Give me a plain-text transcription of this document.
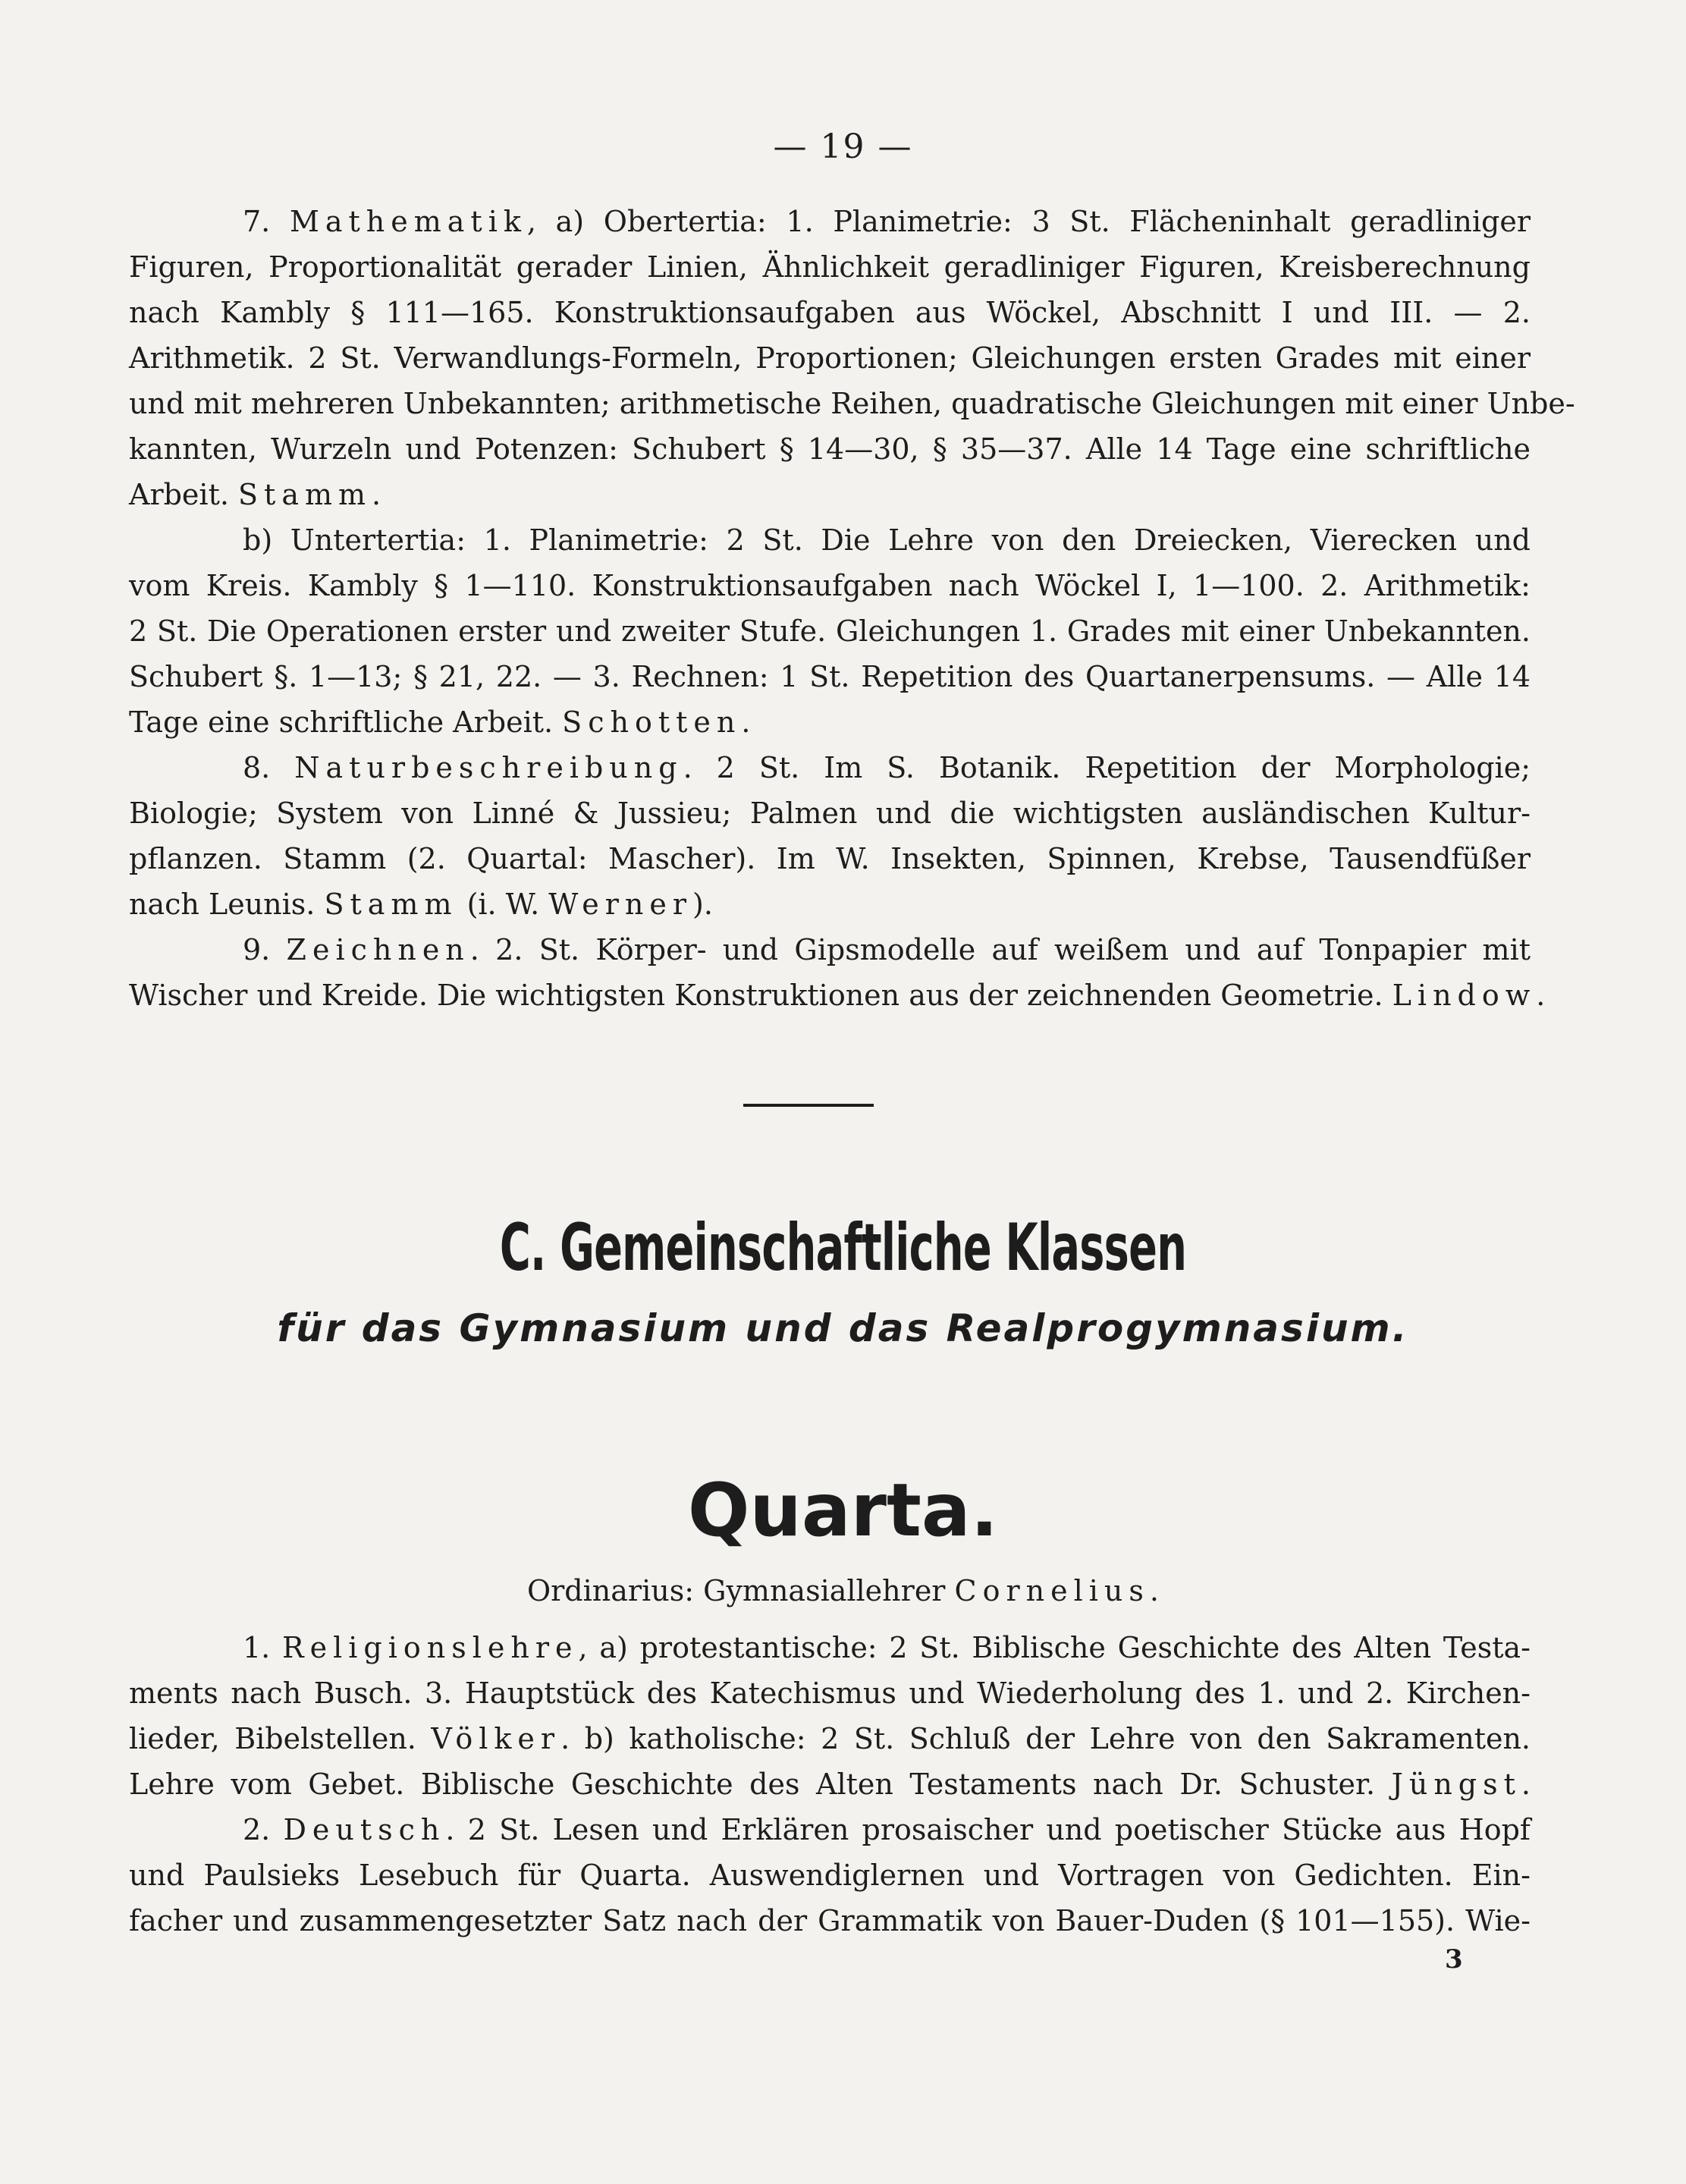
— 19 —
7. Mathematik, a) Obertertia: 1. Planimetrie: 3 St. Flächeninhalt geradliniger
Figuren, Proportionalität gerader Linien, Ähnlichkeit geradliniger Figuren, Kreisberechnung
nach Kambly § 111—165. Konstruktionsaufgaben aus Wöckel, Abschnitt I und III. — 2.
Arithmetik. 2 St. Verwandlungs-Formeln, Proportionen; Gleichungen ersten Grades mit einer
und mit mehreren Unbekannten; arithmetische Reihen, quadratische Gleichungen mit einer Unbe-
kannten, Wurzeln und Potenzen: Schubert § 14—30, § 35—37. Alle 14 Tage eine schriftliche
Arbeit. Stamm.
b) Untertertia: 1. Planimetrie: 2 St. Die Lehre von den Dreiecken, Vierecken und
vom Kreis. Kambly § 1—110. Konstruktionsaufgaben nach Wöckel I, 1—100. 2. Arithmetik:
2 St. Die Operationen erster und zweiter Stufe. Gleichungen 1. Grades mit einer Unbekannten.
Schubert §. 1—13; § 21, 22. — 3. Rechnen: 1 St. Repetition des Quartanerpensums. — Alle 14
Tage eine schriftliche Arbeit. Schotten.
8. Naturbeschreibung. 2 St. Im S. Botanik. Repetition der Morphologie;
Biologie; System von Linné & Jussieu; Palmen und die wichtigsten ausländischen Kultur-
pflanzen. Stamm (2. Quartal: Mascher). Im W. Insekten, Spinnen, Krebse, Tausendfüßer
nach Leunis. Stamm (i. W. Werner).
9. Zeichnen. 2. St. Körper- und Gipsmodelle auf weißem und auf Tonpapier mit
Wischer und Kreide. Die wichtigsten Konstruktionen aus der zeichnenden Geometrie. Lindow.
C. Gemeinschaftliche Klassen
für das Gymnasium und das Realprogymnasium.
Quarta.
Ordinarius: Gymnasiallehrer Cornelius.
1. Religionslehre, a) protestantische: 2 St. Biblische Geschichte des Alten Testa-
ments nach Busch. 3. Hauptstück des Katechismus und Wiederholung des 1. und 2. Kirchen-
lieder, Bibelstellen. Völker. b) katholische: 2 St. Schluß der Lehre von den Sakramenten.
Lehre vom Gebet. Biblische Geschichte des Alten Testaments nach Dr. Schuster. Jüngst.
2. Deutsch. 2 St. Lesen und Erklären prosaischer und poetischer Stücke aus Hopf
und Paulsieks Lesebuch für Quarta. Auswendiglernen und Vortragen von Gedichten. Ein-
facher und zusammengesetzter Satz nach der Grammatik von Bauer-Duden (§ 101—155). Wie-
3
